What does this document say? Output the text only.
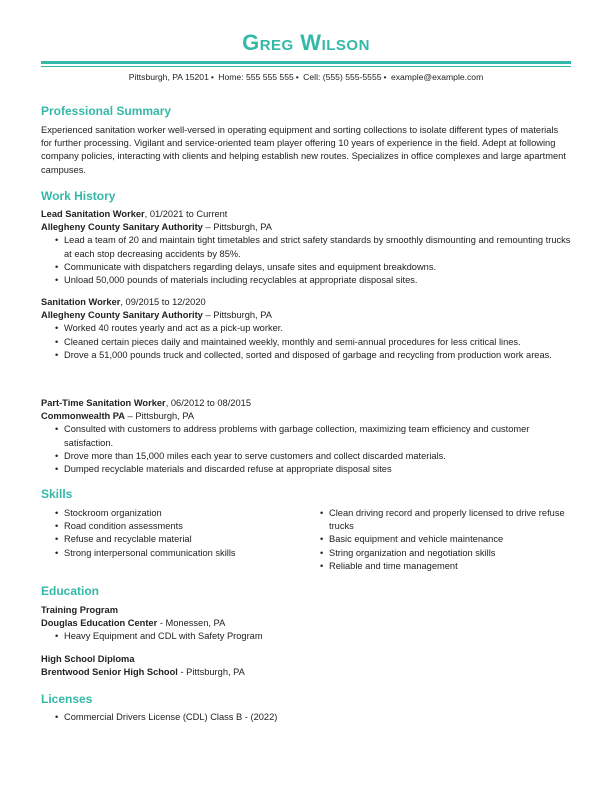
Greg Wilson
Pittsburgh, PA 15201 • Home: 555 555 555 • Cell: (555) 555-5555 • example@example.com
Professional Summary
Experienced sanitation worker well-versed in operating equipment and sorting collections to isolate different types of materials for further processing. Vigilant and service-oriented team player offering 10 years of experience in the field. Adept at following company policies, interacting with clients and helping establish new routes. Specializes in office complexes and large apartment campuses.
Work History
Lead Sanitation Worker, 01/2021 to Current
Allegheny County Sanitary Authority – Pittsburgh, PA
• Lead a team of 20 and maintain tight timetables and strict safety standards by smoothly dismounting and remounting trucks at each stop decreasing accidents by 85%.
• Communicate with dispatchers regarding delays, unsafe sites and equipment breakdowns.
• Unload 50,000 pounds of materials including recyclables at appropriate disposal sites.
Sanitation Worker, 09/2015 to 12/2020
Allegheny County Sanitary Authority – Pittsburgh, PA
• Worked 40 routes yearly and act as a pick-up worker.
• Cleaned certain pieces daily and maintained weekly, monthly and semi-annual procedures for less critical lines.
• Drove a 51,000 pounds truck and collected, sorted and disposed of garbage and recycling from production work areas.
Part-Time Sanitation Worker, 06/2012 to 08/2015
Commonwealth PA – Pittsburgh, PA
• Consulted with customers to address problems with garbage collection, maximizing team efficiency and customer satisfaction.
• Drove more than 15,000 miles each year to serve customers and collect discarded materials.
• Dumped recyclable materials and discarded refuse at appropriate disposal sites
Skills
• Stockroom organization
• Road condition assessments
• Refuse and recyclable material
• Strong interpersonal communication skills
• Clean driving record and properly licensed to drive refuse trucks
• Basic equipment and vehicle maintenance
• String organization and negotiation skills
• Reliable and time management
Education
Training Program
Douglas Education Center - Monessen, PA
• Heavy Equipment and CDL with Safety Program
High School Diploma
Brentwood Senior High School - Pittsburgh, PA
Licenses
• Commercial Drivers License (CDL) Class B - (2022)
